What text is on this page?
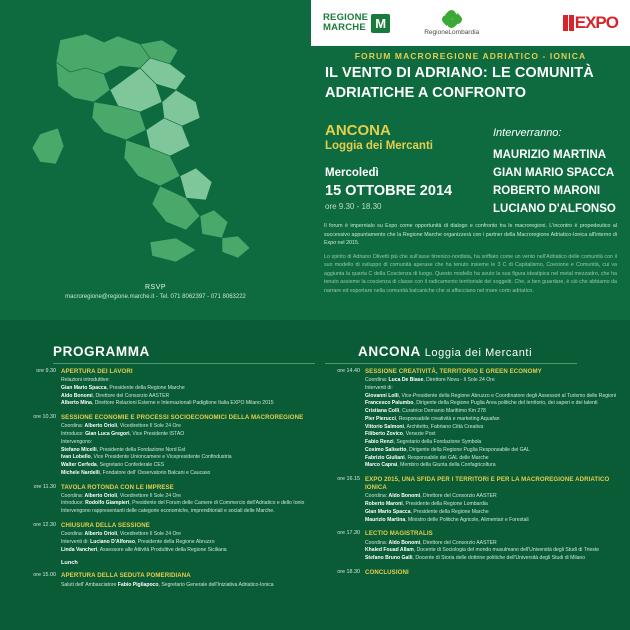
RSVP
macroregione@regione.marche.it - Tel. 071 8062397 - 071 8063222
FORUM MACROREGIONE ADRIATICO - IONICA
IL VENTO DI ADRIANO: LE COMUNITÀ ADRIATICHE A CONFRONTO
ANCONA
Loggia dei Mercanti
Mercoledì
15 OTTOBRE 2014
ore 9.30 - 18.30
Interverranno:
MAURIZIO MARTINA
GIAN MARIO SPACCA
ROBERTO MARONI
LUCIANO D'ALFONSO

Il forum è impernialo su Expo come opportunità di dialogo e confronto tra le macroregioni. L'incontro è propedeutico al successivo appuntamento che la Regione Marche organizzerà con i partner della Macroregione Adriatico-Ionica all'interno di Expo nel 2015.

Lo spirito di Adriano Olivetti più che sull'asse tirrenico-nordista, ha soffiato come un vento nell'Adriatico delle comunità con il suo modello di sviluppo di comunità aperase che ha tenuto insieme le 3 C di Capitalismo, Coesione e Comunità, cui va aggiunta la quarta C della Coscienza di luogo. Questo modello ha avuto la sua figura ideatipica nel metal mezzadro, che ha tenuto assieme la coscienza di classe con il radicamento territoriale dei soggetti. Che, a ben guardare, è ciò che abbiamo da narrare ed esportare nella comunità balcaniche che si affacciano nel mare corto adriatico.

REGIONE
MARCHE M
RegioneLombardia
EXPO
PROGRAMMA	ANCONA Loggia dei Mercanti
ore 9.30 APERTURA DEI LAVORI
Relazioni introduttive:
Gian Mario Spacca, Presidente della Regione Marche
Aldo Bonomi, Direttore del Consorzio AASTER
Alberto Mina, Direttore Relazioni Esterne e Internazionali Padiglione Italia EXPO Milano 2015
ore 10.30 SESSIONE ECONOMIE E PROCESSI SOCIOECONOMICI DELLA MACROREGIONE
Coordina: Alberto Orioli, Vicedirettore Il Sole 24 Ore
Introduce: Gian Luca Gregori, Vice Presidente ISTAO
Intervengono:
Stefano Micelli, Presidente della Fondazione Nord Est
Ivan Lobello, Vice Presidente Unioncamere e Vicepresidente Confindustria
Walter Cerfeda, Segretario Confederale CES
Michele Nardelli, Fondatore dell' Osservatorio Balcani e Caucaso
ore 11.30 TAVOLA ROTONDA CON LE IMPRESE
Coordina: Alberto Orioli, Vicedirettore Il Sole 24 Ore
Introduce: Rodolfo Giampieri, Presidente del Forum delle Camere di Commercio dell'Adriatico e dello Ionio
Intervengono rappresentanti delle categorie economiche, imprenditoriali e sociali delle Marche.
ore 12.30 CHIUSURA DELLA SESSIONE
Coordina: Alberto Orioli, Vicedirettore Il Sole 24 Ore
Interventi di: Luciano D'Alfonso, Presidente della Regione Abruzzo
Linda Vancheri, Assessore alle Attività Produttive della Regione Siciliana
Lunch
ore 15.00 APERTURA DELLA SEDUTA POMERIDIANA
Saluti dell' Ambasciatore Fabio Pigliapoco, Segretario Generale dell'Iniziativa Adriatico-Ionica
ore 14.40 SESSIONE CREATIVITÀ, TERRITORIO E GREEN ECONOMY
Coordina: Luca De Biase, Direttore Nova - Il Sole 24 Ore
Interventi di:
Giovanni Lolli, Vice-Presidente della Regione Abruzzo e Coordinatore degli Assessori al Turismo delle Regioni
Francesco Palumbo, Dirigente della Regione Puglia Area politiche del territorio, dei saperi e dei talenti
Cristiana Colli, Curatrice Demanio Marittimo Km 278
Pier Pierucci, Responsabile creatività e marketing Aquafan
Vittorio Salmoni, Architetto, Fabriano Città Creativa
Filiberto Zovico, Venezie Post
Fabio Renzi, Segretario della Fondazione Symbola
Cosimo Salisetto, Dirigente della Regione Puglia Responsabile dei GAL
Fabrizio Giuliani, Responsabile dei GAL delle Marche
Marco Caprai, Membro della Giunta della Confagricoltura
ore 16.15 EXPO 2015, UNA SFIDA PER I TERRITORI E PER LA MACROREGIONE ADRIATICO IONICA
Coordina: Aldo Bonomi, Direttore del Consorzio AASTER
Roberto Maroni, Presidente della Regione Lombardia
Gian Mario Spacca, Presidente della Regione Marche
Maurizio Martina, Ministro delle Politiche Agricole, Alimentari e Forestali
ore 17.30 LECTIO MAGISTRALIS
Coordina: Aldo Bonomi, Direttore del Consorzio AASTER
Khaled Fouad Allam, Docente di Sociologia del mondo musulmano dell'Università degli Studi di Trieste
Stefano Bruno Galli, Docente di Storia delle dottrine politiche dell'Università degli Studi di Milano
ore 18.30 CONCLUSIONI
